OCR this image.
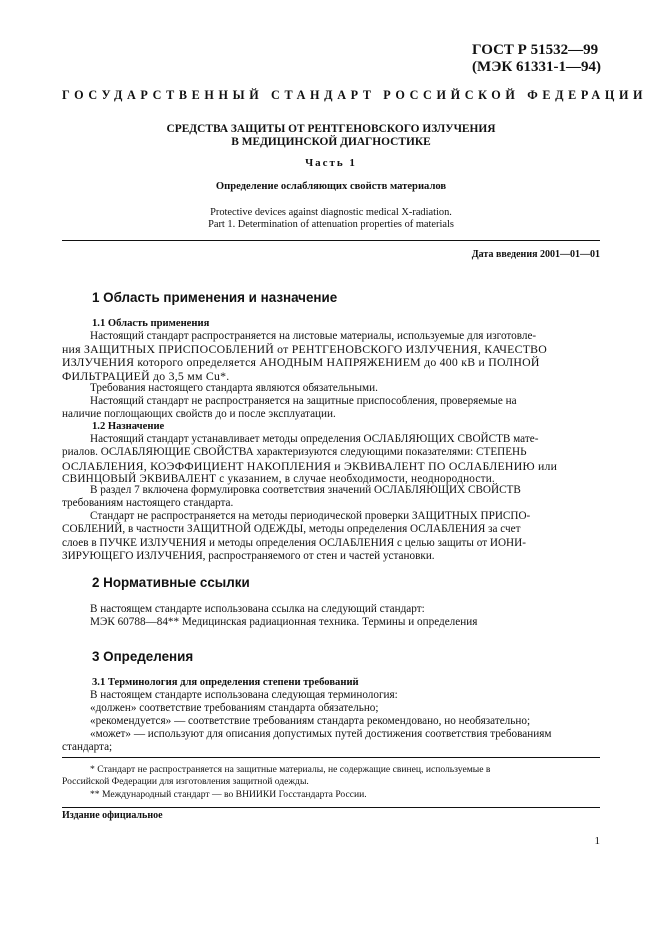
ГОСТ Р 51532—99
(МЭК 61331-1—94)
ГОСУДАРСТВЕННЫЙ СТАНДАРТ РОССИЙСКОЙ ФЕДЕРАЦИИ
СРЕДСТВА ЗАЩИТЫ ОТ РЕНТГЕНОВСКОГО ИЗЛУЧЕНИЯ
В МЕДИЦИНСКОЙ ДИАГНОСТИКЕ
Часть 1
Определение ослабляющих свойств материалов
Protective devices against diagnostic medical X-radiation.
Part 1. Determination of attenuation properties of materials
Дата введения 2001—01—01
1 Область применения и назначение
1.1 Область применения
Настоящий стандарт распространяется на листовые материалы, используемые для изготовле-
ния ЗАЩИТНЫХ ПРИСПОСОБЛЕНИЙ от РЕНТГЕНОВСКОГО ИЗЛУЧЕНИЯ, КАЧЕСТВО
ИЗЛУЧЕНИЯ которого определяется АНОДНЫМ НАПРЯЖЕНИЕМ до 400 кВ и ПОЛНОЙ
ФИЛЬТРАЦИЕЙ до 3,5 мм Cu*.
Требования настоящего стандарта являются обязательными.
Настоящий стандарт не распространяется на защитные приспособления, проверяемые на
наличие поглощающих свойств до и после эксплуатации.
1.2 Назначение
Настоящий стандарт устанавливает методы определения ОСЛАБЛЯЮЩИХ СВОЙСТВ мате-
риалов. ОСЛАБЛЯЮЩИЕ СВОЙСТВА характеризуются следующими показателями: СТЕПЕНЬ
ОСЛАБЛЕНИЯ, КОЭФФИЦИЕНТ НАКОПЛЕНИЯ и ЭКВИВАЛЕНТ ПО ОСЛАБЛЕНИЮ или
СВИНЦОВЫЙ ЭКВИВАЛЕНТ с указанием, в случае необходимости, неоднородности.
В раздел 7 включена формулировка соответствия значений ОСЛАБЛЯЮЩИХ СВОЙСТВ
требованиям настоящего стандарта.
Стандарт не распространяется на методы периодической проверки ЗАЩИТНЫХ ПРИСПО-
СОБЛЕНИЙ, в частности ЗАЩИТНОЙ ОДЕЖДЫ, методы определения ОСЛАБЛЕНИЯ за счет
слоев в ПУЧКЕ ИЗЛУЧЕНИЯ и методы определения ОСЛАБЛЕНИЯ с целью защиты от ИОНИ-
ЗИРУЮЩЕГО ИЗЛУЧЕНИЯ, распространяемого от стен и частей установки.
2 Нормативные ссылки
В настоящем стандарте использована ссылка на следующий стандарт:
МЭК 60788—84** Медицинская радиационная техника. Термины и определения
3 Определения
3.1 Терминология для определения степени требований
В настоящем стандарте использована следующая терминология:
«должен» соответствие требованиям стандарта обязательно;
«рекомендуется» — соответствие требованиям стандарта рекомендовано, но необязательно;
«может» — используют для описания допустимых путей достижения соответствия требованиям
стандарта;
* Стандарт не распространяется на защитные материалы, не содержащие свинец, используемые в
Российской Федерации для изготовления защитной одежды.
** Международный стандарт — во ВНИИКИ Госстандарта России.
Издание официальное
1
